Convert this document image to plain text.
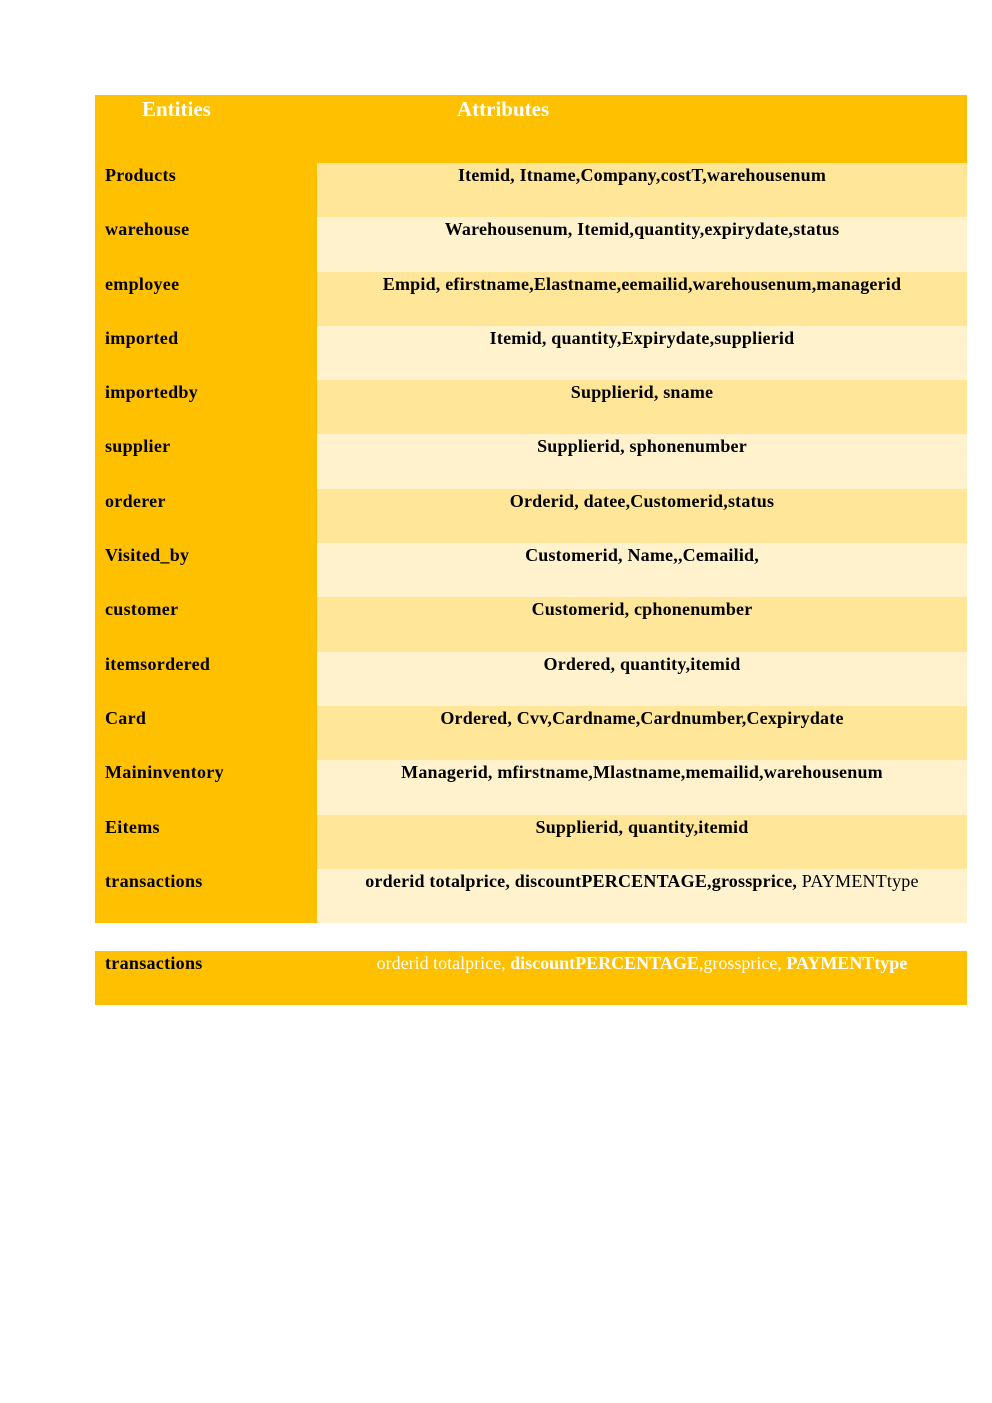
Entities	Attributes
Products	Itemid, Itname,Company,costT,warehousenum
warehouse	Warehousenum, Itemid,quantity,expirydate,status
employee	Empid, efirstname,Elastname,eemailid,warehousenum,managerid
imported	Itemid, quantity,Expirydate,supplierid
importedby	Supplierid, sname
supplier	Supplierid, sphonenumber
orderer	Orderid, datee,Customerid,status
Visited_by	Customerid, Name,,Cemailid,
customer	Customerid, cphonenumber
itemsordered	Ordered, quantity,itemid
Card	Ordered, Cvv,Cardname,Cardnumber,Cexpirydate
Maininventory	Managerid, mfirstname,Mlastname,memailid,warehousenum
Eitems	Supplierid, quantity,itemid
transactions	orderid totalprice, discountPERCENTAGE,grossprice, PAYMENTtype
transactions	orderid totalprice, discountPERCENTAGE,grossprice, PAYMENTtype
